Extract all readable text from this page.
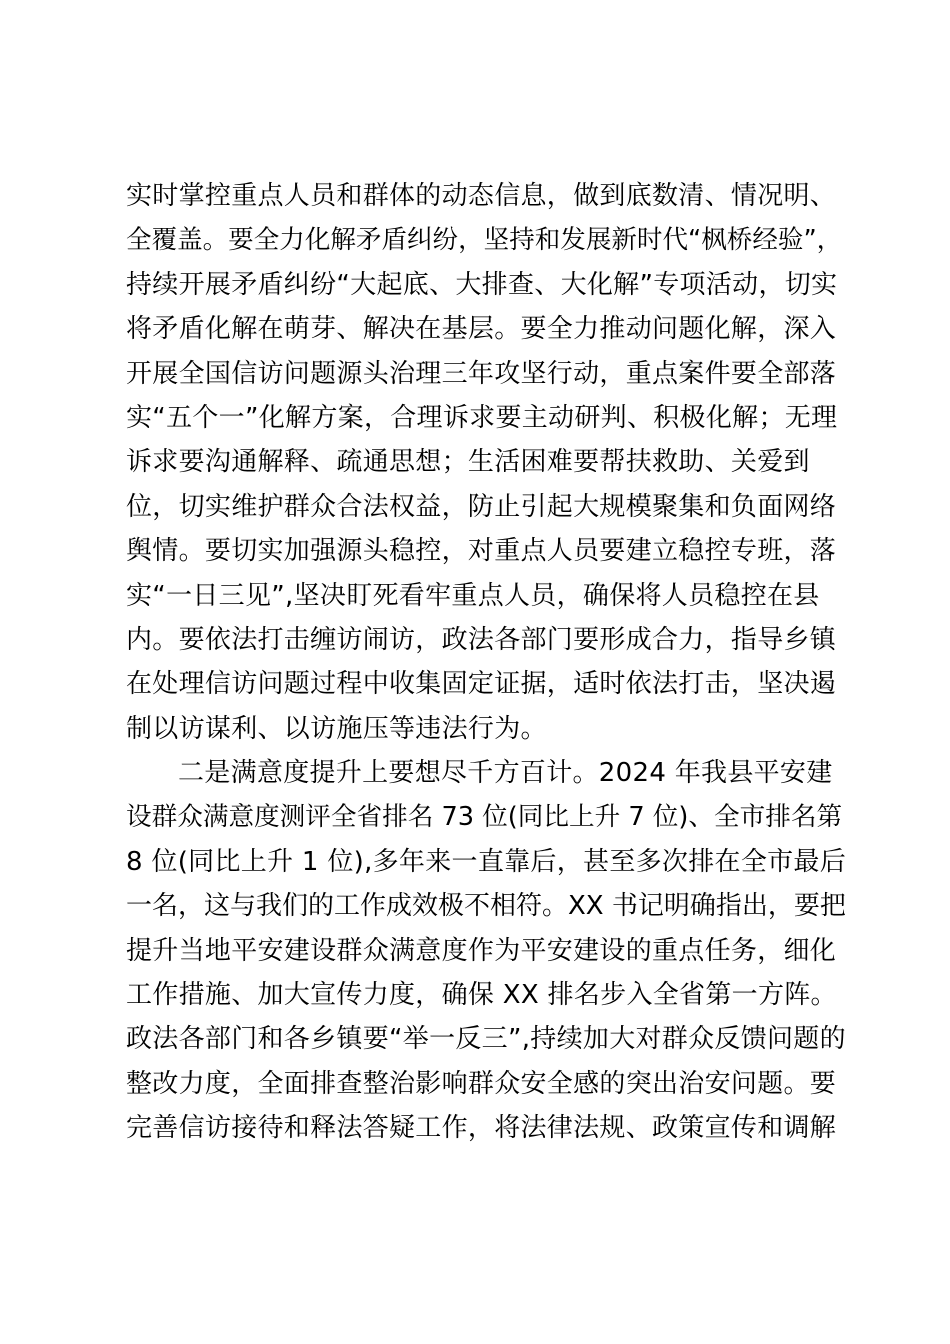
实时掌控重点人员和群体的动态信息，做到底数清、情况明、
全覆盖。要全力化解矛盾纠纷，坚持和发展新时代“枫桥经验”，
持续开展矛盾纠纷“大起底、大排查、大化解”专项活动，切实
将矛盾化解在萌芽、解决在基层。要全力推动问题化解，深入
开展全国信访问题源头治理三年攻坚行动，重点案件要全部落
实“五个一”化解方案，合理诉求要主动研判、积极化解；无理
诉求要沟通解释、疏通思想；生活困难要帮扶救助、关爱到
位，切实维护群众合法权益，防止引起大规模聚集和负面网络
舆情。要切实加强源头稳控，对重点人员要建立稳控专班，落
实“一日三见”,坚决盯死看牢重点人员，确保将人员稳控在县
内。要依法打击缠访闹访，政法各部门要形成合力，指导乡镇
在处理信访问题过程中收集固定证据，适时依法打击，坚决遏
制以访谋利、以访施压等违法行为。
二是满意度提升上要想尽千方百计。2024 年我县平安建
设群众满意度测评全省排名 73 位(同比上升 7 位)、全市排名第
8 位(同比上升 1 位),多年来一直靠后，甚至多次排在全市最后
一名，这与我们的工作成效极不相符。XX 书记明确指出，要把
提升当地平安建设群众满意度作为平安建设的重点任务，细化
工作措施、加大宣传力度，确保 XX 排名步入全省第一方阵。
政法各部门和各乡镇要“举一反三”,持续加大对群众反馈问题的
整改力度，全面排查整治影响群众安全感的突出治安问题。要
完善信访接待和释法答疑工作，将法律法规、政策宣传和调解
